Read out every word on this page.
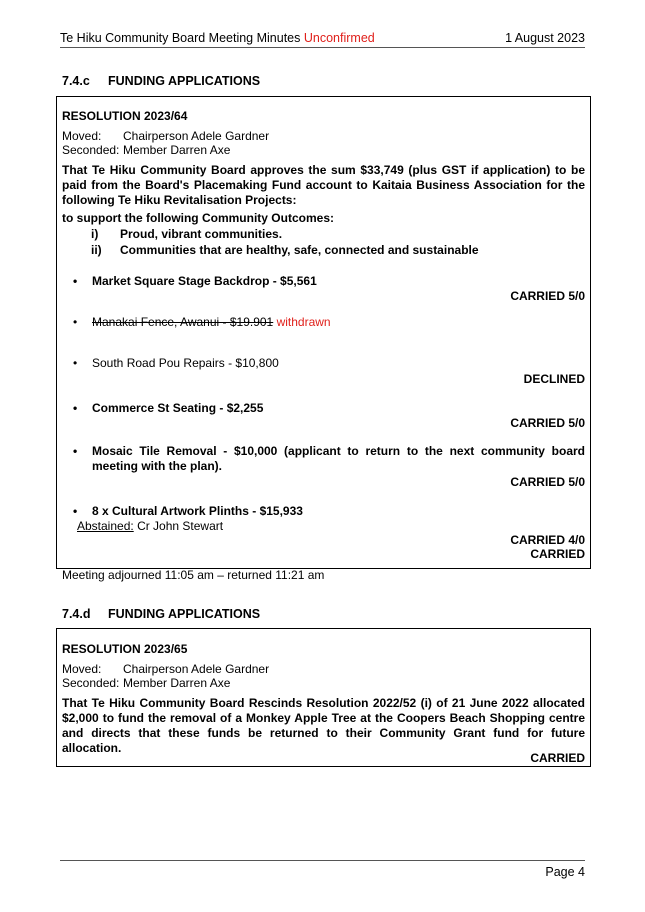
Te Hiku Community Board Meeting Minutes Unconfirmed	1 August 2023
7.4.c FUNDING APPLICATIONS
RESOLUTION 2023/64
Moved: Chairperson Adele Gardner
Seconded: Member Darren Axe
That Te Hiku Community Board approves the sum $33,749 (plus GST if application) to be paid from the Board's Placemaking Fund account to Kaitaia Business Association for the following Te Hiku Revitalisation Projects:
to support the following Community Outcomes:
i) Proud, vibrant communities.
ii) Communities that are healthy, safe, connected and sustainable
Market Square Stage Backdrop - $5,561
CARRIED 5/0
Manakai Fence, Awanui - $19.901 withdrawn
South Road Pou Repairs - $10,800
DECLINED
Commerce St Seating - $2,255
CARRIED 5/0
Mosaic Tile Removal - $10,000 (applicant to return to the next community board meeting with the plan).
CARRIED 5/0
8 x Cultural Artwork Plinths - $15,933
Abstained: Cr John Stewart
CARRIED 4/0
CARRIED
Meeting adjourned 11:05 am – returned 11:21 am
7.4.d FUNDING APPLICATIONS
RESOLUTION 2023/65
Moved: Chairperson Adele Gardner
Seconded: Member Darren Axe
That Te Hiku Community Board Rescinds Resolution 2022/52 (i) of 21 June 2022 allocated $2,000 to fund the removal of a Monkey Apple Tree at the Coopers Beach Shopping centre and directs that these funds be returned to their Community Grant fund for future allocation.
CARRIED
Page 4
